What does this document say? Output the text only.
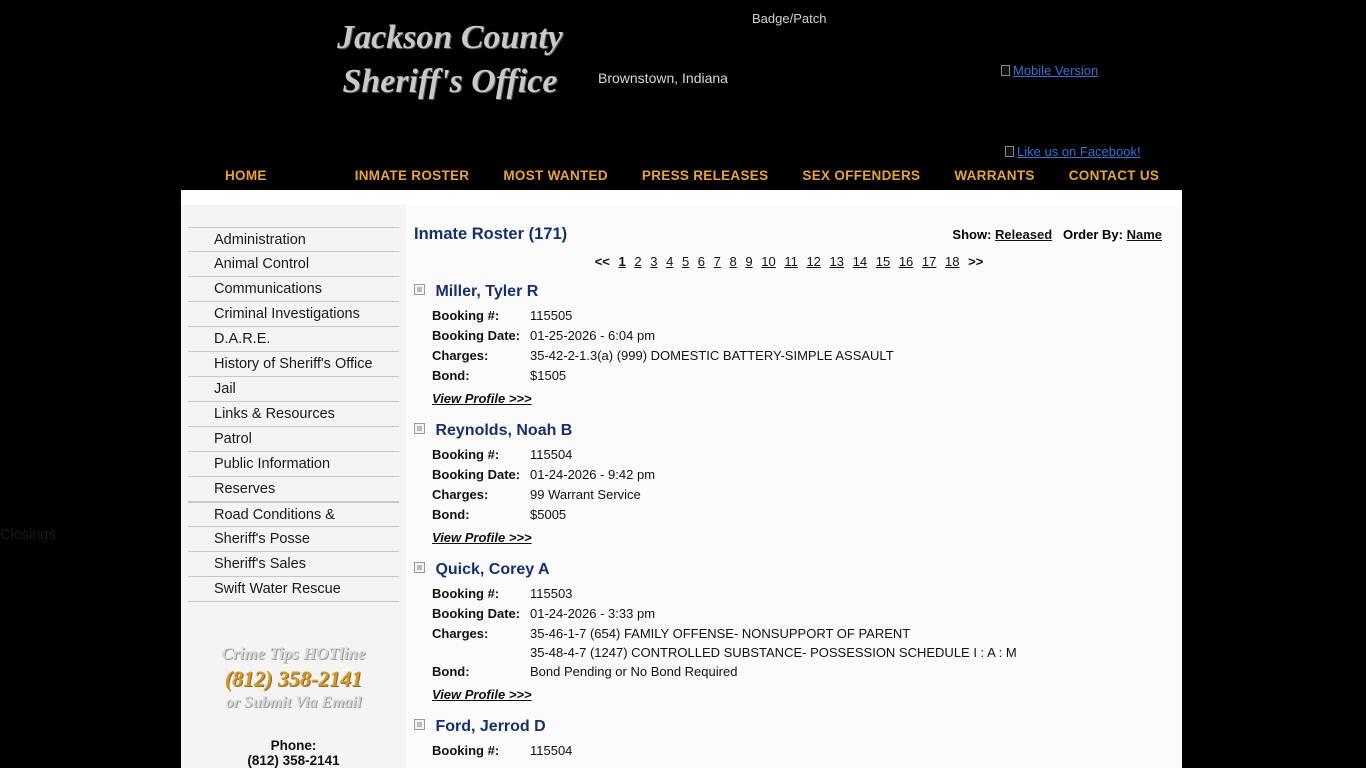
Jackson County
Sheriff's Office	Brownstown, Indiana
Badge/Patch
Mobile Version
Like us on Facebook!
HOME	INMATE ROSTER	MOST WANTED	PRESS RELEASES	SEX OFFENDERS	WARRANTS	CONTACT US
Administration
Animal Control
Communications
Criminal Investigations
D.A.R.E.
History of Sheriff's Office
Jail
Links & Resources
Patrol
Public Information
Reserves
Road Conditions &
Closings	Sheriff's Posse
Sheriff's Sales
Swift Water Rescue
Crime Tips HOTline
(812) 358-2141
or Submit Via Email
Phone:
(812) 358-2141
Inmate Roster (171)	Show: Released Order By: Name
<< 1 2 3 4 5 6 7 8 9 10 11 12 13 14 15 16 17 18 >>
Miller, Tyler R
Booking #:	115505
Booking Date: 01-25-2026 - 6:04 pm
Charges:	35-42-2-1.3(a) (999) DOMESTIC BATTERY-SIMPLE ASSAULT
Bond:	$1505
View Profile >>>
Reynolds, Noah B
Booking #:	115504
Booking Date: 01-24-2026 - 9:42 pm
Charges:	99 Warrant Service
Bond:	$5005
View Profile >>>
Quick, Corey A
Booking #:	115503
Booking Date: 01-24-2026 - 3:33 pm
Charges:	35-46-1-7 (654) FAMILY OFFENSE- NONSUPPORT OF PARENT
35-48-4-7 (1247) CONTROLLED SUBSTANCE- POSSESSION SCHEDULE I : A : M
Bond:	Bond Pending or No Bond Required
View Profile >>>
Ford, Jerrod D
Booking #:	115504
